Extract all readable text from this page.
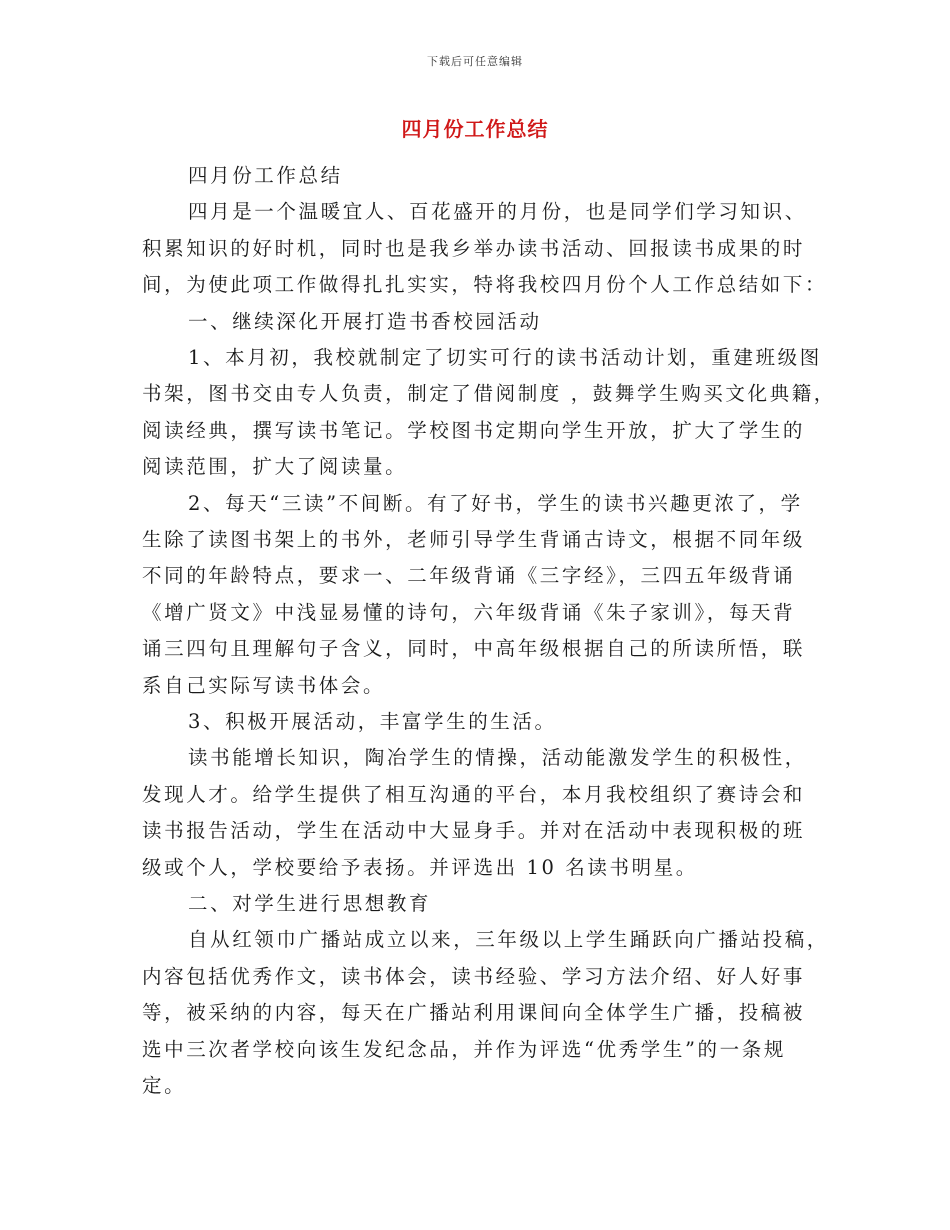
下载后可任意编辑
四月份工作总结
四月份工作总结
四月是一个温暖宜人、百花盛开的月份，也是同学们学习知识、
积累知识的好时机，同时也是我乡举办读书活动、回报读书成果的时
间，为使此项工作做得扎扎实实，特将我校四月份个人工作总结如下：
一、继续深化开展打造书香校园活动
1、本月初，我校就制定了切实可行的读书活动计划，重建班级图
书架，图书交由专人负责，制定了借阅制度 ，鼓舞学生购买文化典籍，
阅读经典，撰写读书笔记。学校图书定期向学生开放，扩大了学生的
阅读范围，扩大了阅读量。
2、每天“三读”不间断。有了好书，学生的读书兴趣更浓了，学
生除了读图书架上的书外，老师引导学生背诵古诗文，根据不同年级
不同的年龄特点，要求一、二年级背诵《三字经》，三四五年级背诵
《增广贤文》中浅显易懂的诗句，六年级背诵《朱子家训》，每天背
诵三四句且理解句子含义，同时，中高年级根据自己的所读所悟，联
系自己实际写读书体会。
3、积极开展活动，丰富学生的生活。
读书能增长知识，陶冶学生的情操，活动能激发学生的积极性，
发现人才。给学生提供了相互沟通的平台，本月我校组织了赛诗会和
读书报告活动，学生在活动中大显身手。并对在活动中表现积极的班
级或个人，学校要给予表扬。并评选出 10 名读书明星。
二、对学生进行思想教育
自从红领巾广播站成立以来，三年级以上学生踊跃向广播站投稿，
内容包括优秀作文，读书体会，读书经验、学习方法介绍、好人好事
等，被采纳的内容，每天在广播站利用课间向全体学生广播，投稿被
选中三次者学校向该生发纪念品，并作为评选“优秀学生”的一条规
定。
